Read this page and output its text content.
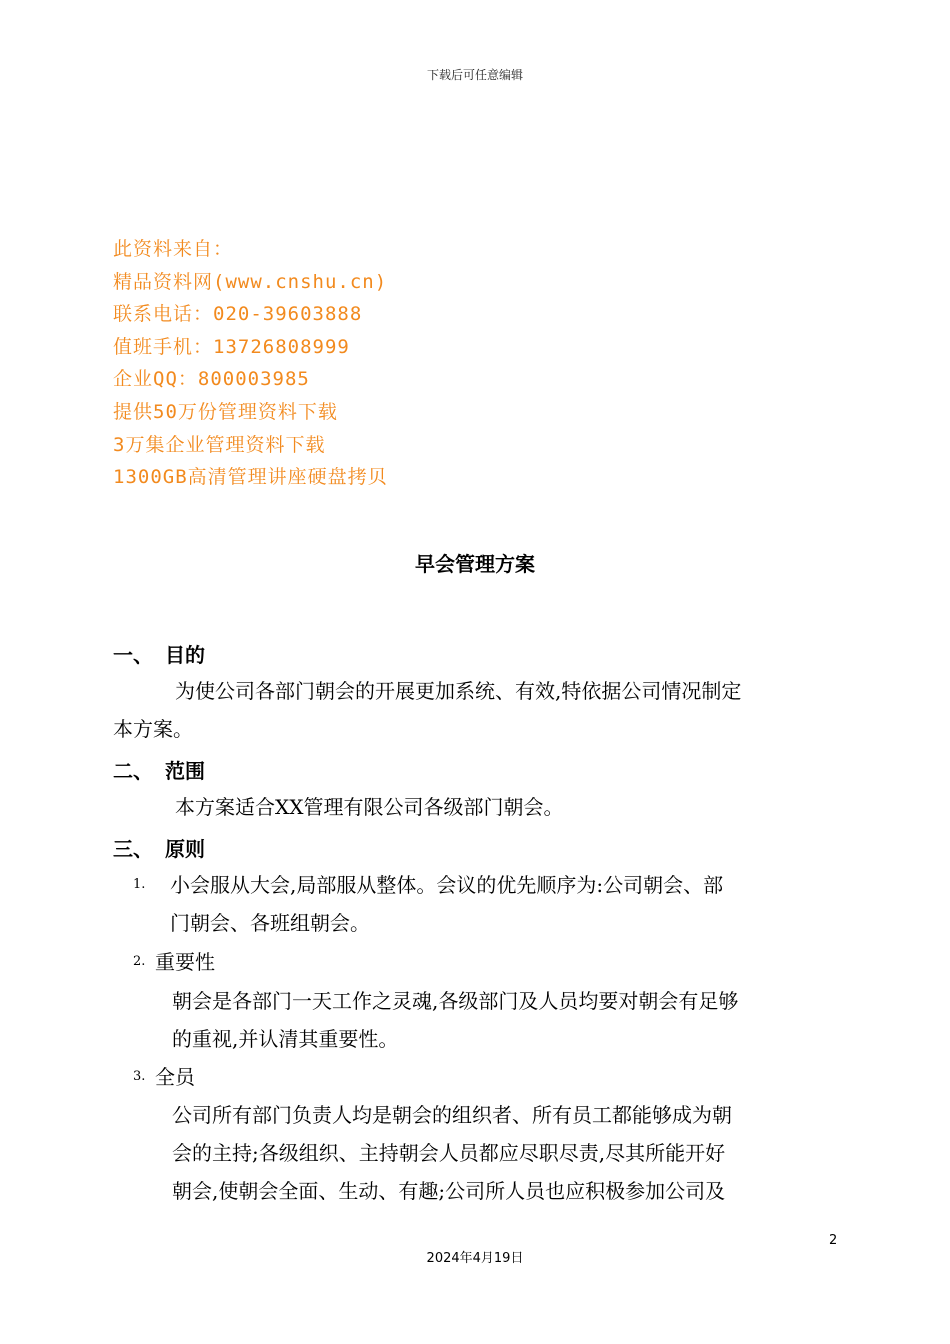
下载后可任意编辑
此资料来自：
精品资料网(www.cnshu.cn)
联系电话：020-39603888
值班手机：13726808999
企业QQ：800003985
提供50万份管理资料下载
3万集企业管理资料下载
1300GB高清管理讲座硬盘拷贝
早会管理方案
一、 目的
为使公司各部门朝会的开展更加系统、有效,特依据公司情况制定
本方案。
二、 范围
本方案适合XX管理有限公司各级部门朝会。
三、 原则
1. 小会服从大会,局部服从整体。会议的优先顺序为:公司朝会、部
门朝会、各班组朝会。
2. 重要性
朝会是各部门一天工作之灵魂,各级部门及人员均要对朝会有足够
的重视,并认清其重要性。
3. 全员
公司所有部门负责人均是朝会的组织者、所有员工都能够成为朝
会的主持;各级组织、主持朝会人员都应尽职尽责,尽其所能开好
朝会,使朝会全面、生动、有趣;公司所人员也应积极参加公司及
2
2024年4月19日
